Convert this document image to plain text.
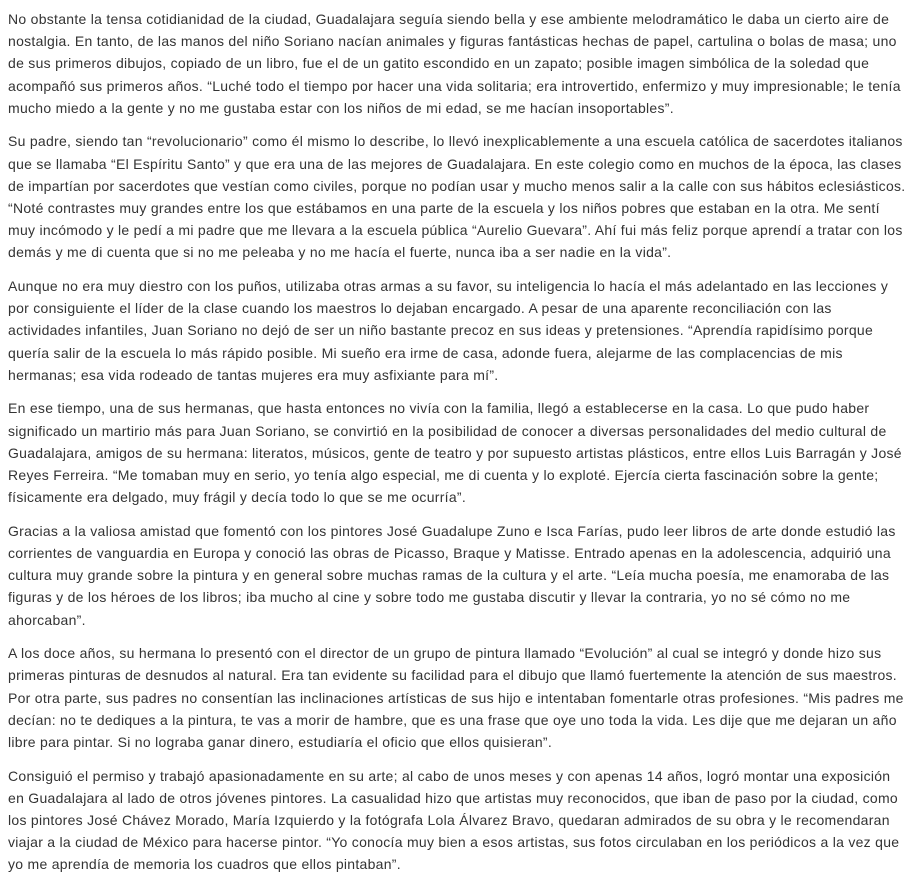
No obstante la tensa cotidianidad de la ciudad, Guadalajara seguía siendo bella y ese ambiente melodramático le daba un cierto aire de nostalgia. En tanto, de las manos del niño Soriano nacían animales y figuras fantásticas hechas de papel, cartulina o bolas de masa; uno de sus primeros dibujos, copiado de un libro, fue el de un gatito escondido en un zapato; posible imagen simbólica de la soledad que acompañó sus primeros años. “Luché todo el tiempo por hacer una vida solitaria; era introvertido, enfermizo y muy impresionable; le tenía mucho miedo a la gente y no me gustaba estar con los niños de mi edad, se me hacían insoportables”.

Su padre, siendo tan “revolucionario” como él mismo lo describe, lo llevó inexplicablemente a una escuela católica de sacerdotes italianos que se llamaba “El Espíritu Santo” y que era una de las mejores de Guadalajara. En este colegio como en muchos de la época, las clases de impartían por sacerdotes que vestían como civiles, porque no podían usar y mucho menos salir a la calle con sus hábitos eclesiásticos. “Noté contrastes muy grandes entre los que estábamos en una parte de la escuela y los niños pobres que estaban en la otra. Me sentí muy incómodo y le pedí a mi padre que me llevara a la escuela pública “Aurelio Guevara”. Ahí fui más feliz porque aprendí a tratar con los demás y me di cuenta que si no me peleaba y no me hacía el fuerte, nunca iba a ser nadie en la vida”.

Aunque no era muy diestro con los puños, utilizaba otras armas a su favor, su inteligencia lo hacía el más adelantado en las lecciones y por consiguiente el líder de la clase cuando los maestros lo dejaban encargado. A pesar de una aparente reconciliación con las actividades infantiles, Juan Soriano no dejó de ser un niño bastante precoz en sus ideas y pretensiones. “Aprendía rapidísimo porque quería salir de la escuela lo más rápido posible. Mi sueño era irme de casa, adonde fuera, alejarme de las complacencias de mis hermanas; esa vida rodeado de tantas mujeres era muy asfixiante para mí”.

En ese tiempo, una de sus hermanas, que hasta entonces no vivía con la familia, llegó a establecerse en la casa. Lo que pudo haber significado un martirio más para Juan Soriano, se convirtió en la posibilidad de conocer a diversas personalidades del medio cultural de Guadalajara, amigos de su hermana: literatos, músicos, gente de teatro y por supuesto artistas plásticos, entre ellos Luis Barragán y José Reyes Ferreira. “Me tomaban muy en serio, yo tenía algo especial, me di cuenta y lo exploté. Ejercía cierta fascinación sobre la gente; físicamente era delgado, muy frágil y decía todo lo que se me ocurría”.

Gracias a la valiosa amistad que fomentó con los pintores José Guadalupe Zuno e Isca Farías, pudo leer libros de arte donde estudió las corrientes de vanguardia en Europa y conoció las obras de Picasso, Braque y Matisse. Entrado apenas en la adolescencia, adquirió una cultura muy grande sobre la pintura y en general sobre muchas ramas de la cultura y el arte. “Leía mucha poesía, me enamoraba de las figuras y de los héroes de los libros; iba mucho al cine y sobre todo me gustaba discutir y llevar la contraria, yo no sé cómo no me ahorcaban”.

A los doce años, su hermana lo presentó con el director de un grupo de pintura llamado “Evolución” al cual se integró y donde hizo sus primeras pinturas de desnudos al natural. Era tan evidente su facilidad para el dibujo que llamó fuertemente la atención de sus maestros. Por otra parte, sus padres no consentían las inclinaciones artísticas de sus hijo e intentaban fomentarle otras profesiones. “Mis padres me decían: no te dediques a la pintura, te vas a morir de hambre, que es una frase que oye uno toda la vida. Les dije que me dejaran un año libre para pintar. Si no lograba ganar dinero, estudiaría el oficio que ellos quisieran”.

Consiguió el permiso y trabajó apasionadamente en su arte; al cabo de unos meses y con apenas 14 años, logró montar una exposición en Guadalajara al lado de otros jóvenes pintores. La casualidad hizo que artistas muy reconocidos, que iban de paso por la ciudad, como los pintores José Chávez Morado, María Izquierdo y la fotógrafa Lola Álvarez Bravo, quedaran admirados de su obra y le recomendaran viajar a la ciudad de México para hacerse pintor. “Yo conocía muy bien a esos artistas, sus fotos circulaban en los periódicos a la vez que yo me aprendía de memoria los cuadros que ellos pintaban”.
